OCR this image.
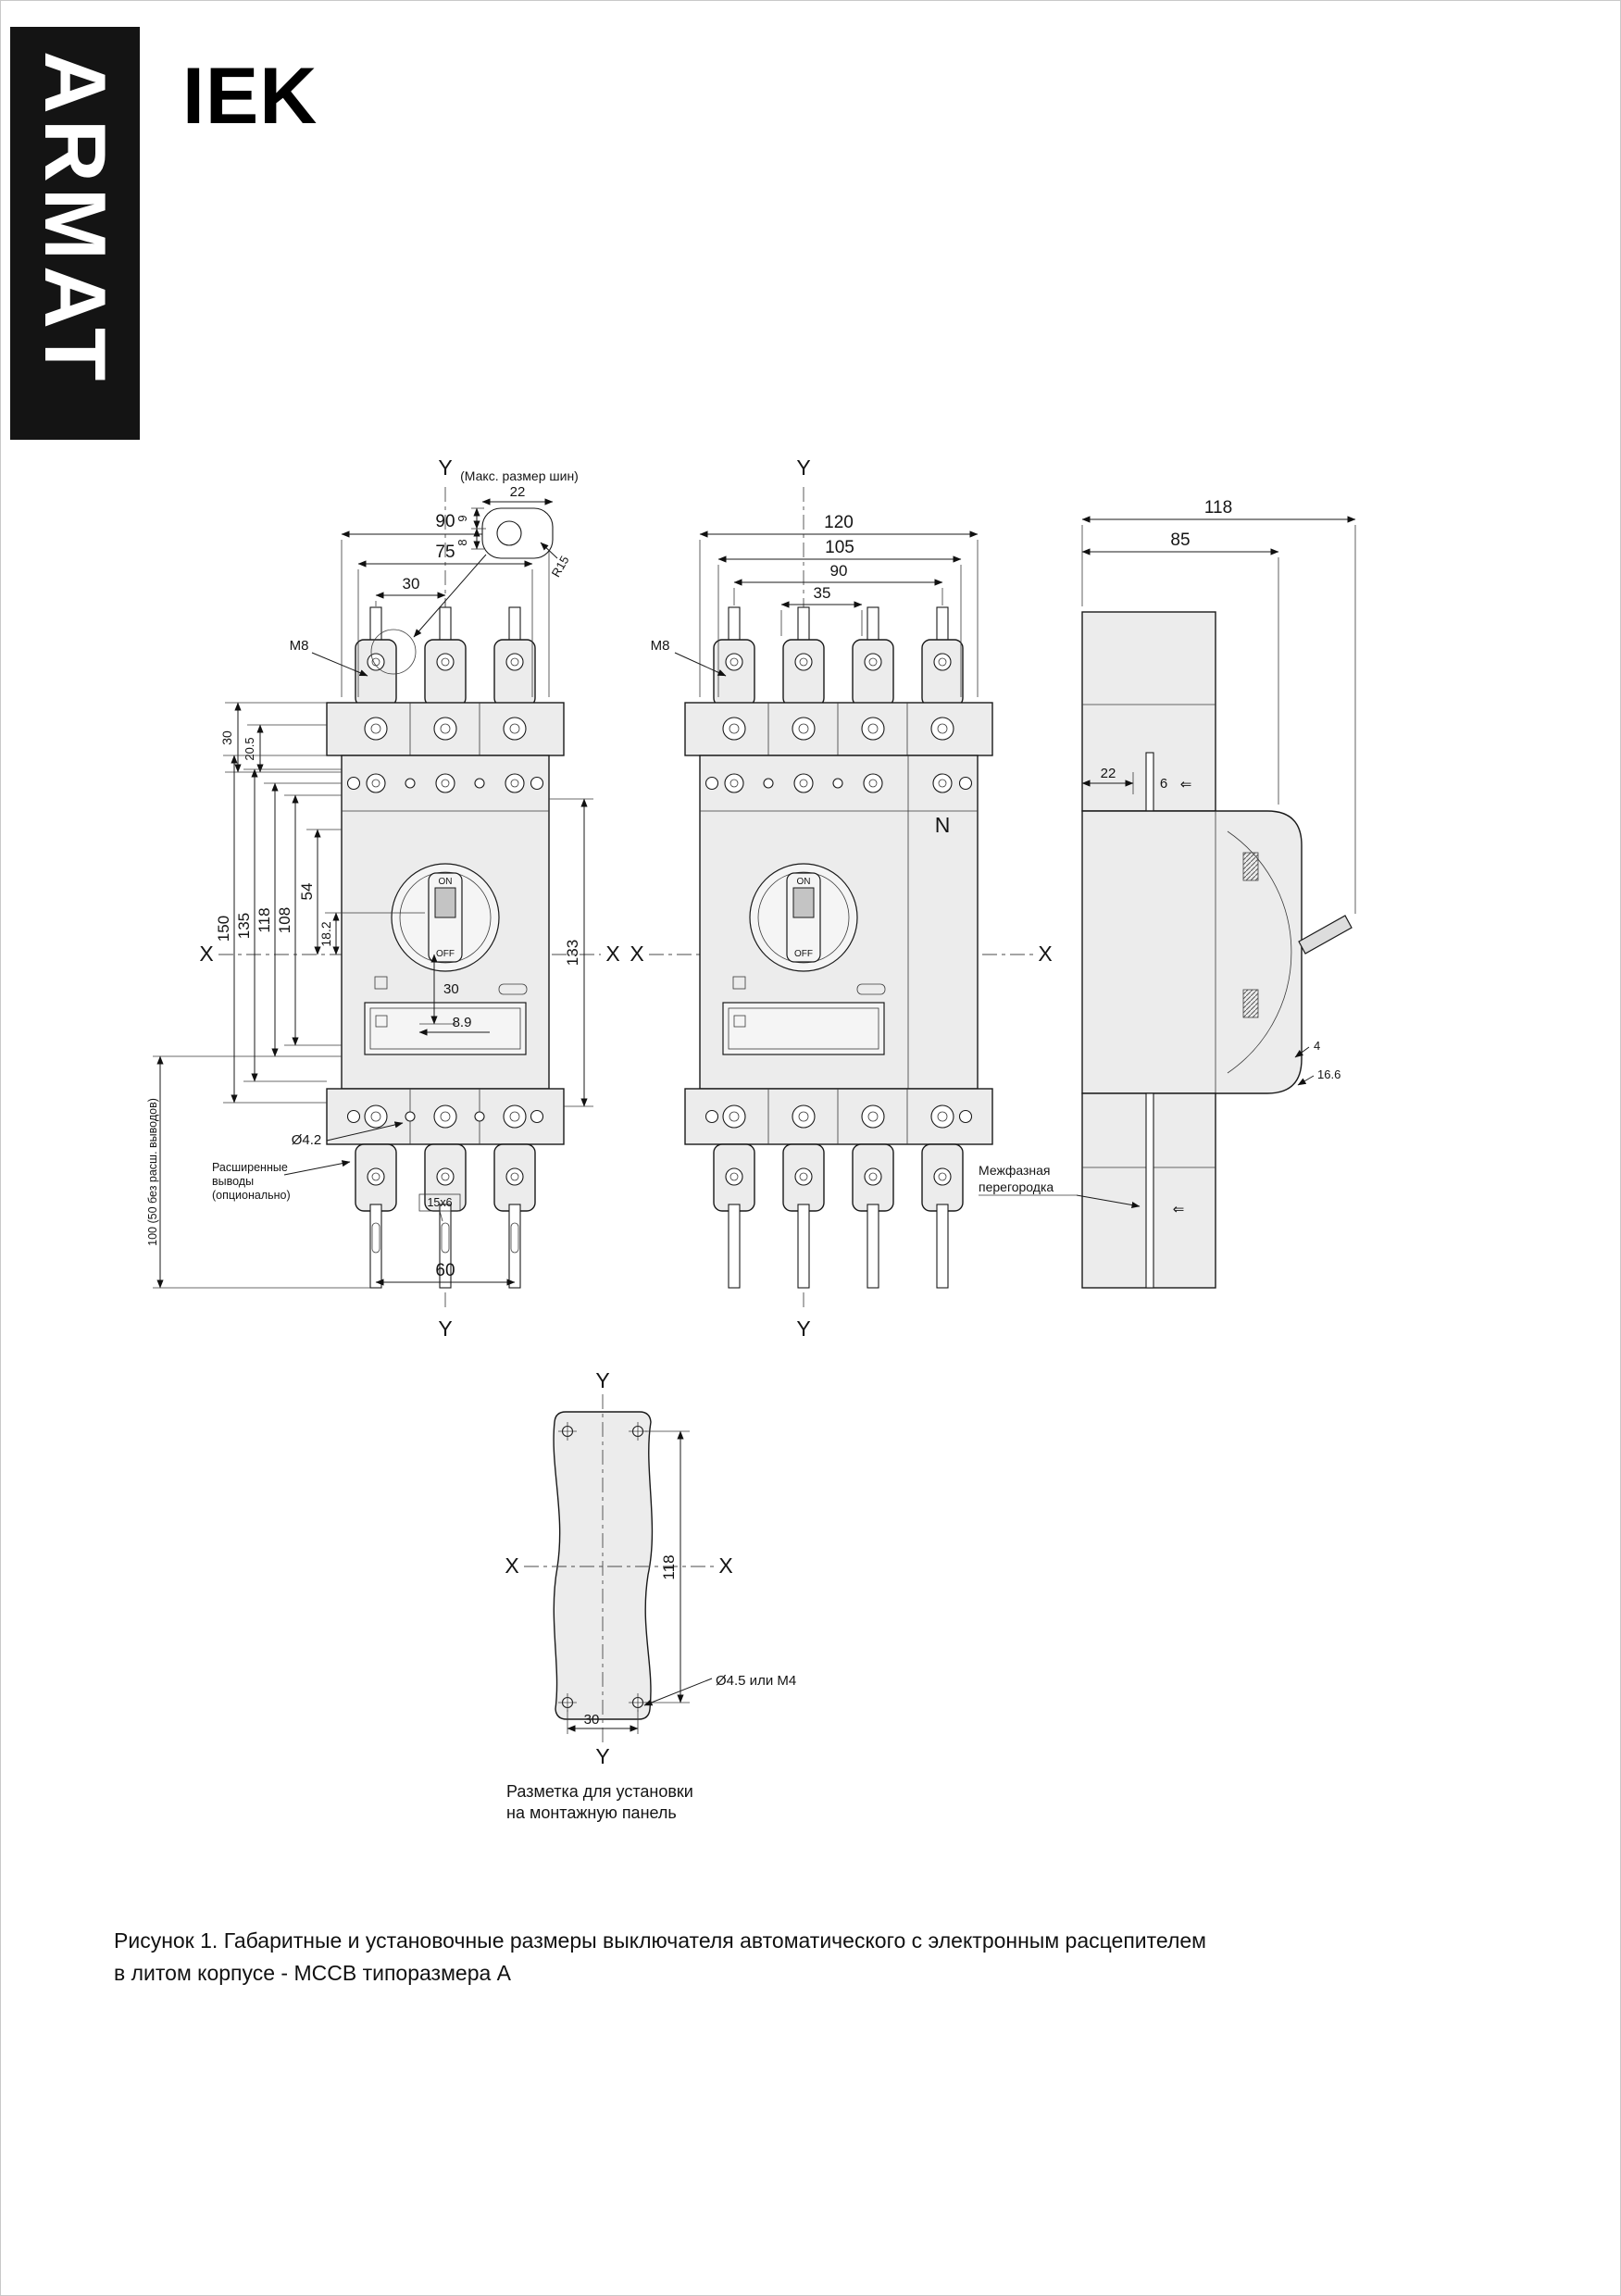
ARMAT IEK
Y
Y
X	X
90
75
30
(Макс. размер шин)
22
9
8
R15
M8
30 20.5
150 135 118 108
54
18.2
30
8.9
133
Ø4.2
Расширенные
выводы
(опционально)
15х6
100 (50 без расш. выводов)
60
ON
OFF
Y
Y
X	X
120
105
90
35
M8
N
ON
OFF
118
85
22
6 ⇐
4
16.6
Межфазная
перегородка
⇐
Y
Y
X	X
118
Ø4.5 или M4
30
Разметка для установки
на монтажную панель
Рисунок 1. Габаритные и установочные размеры выключателя автоматического с электронным расцепителем
в литом корпусе - MCCB типоразмера A
